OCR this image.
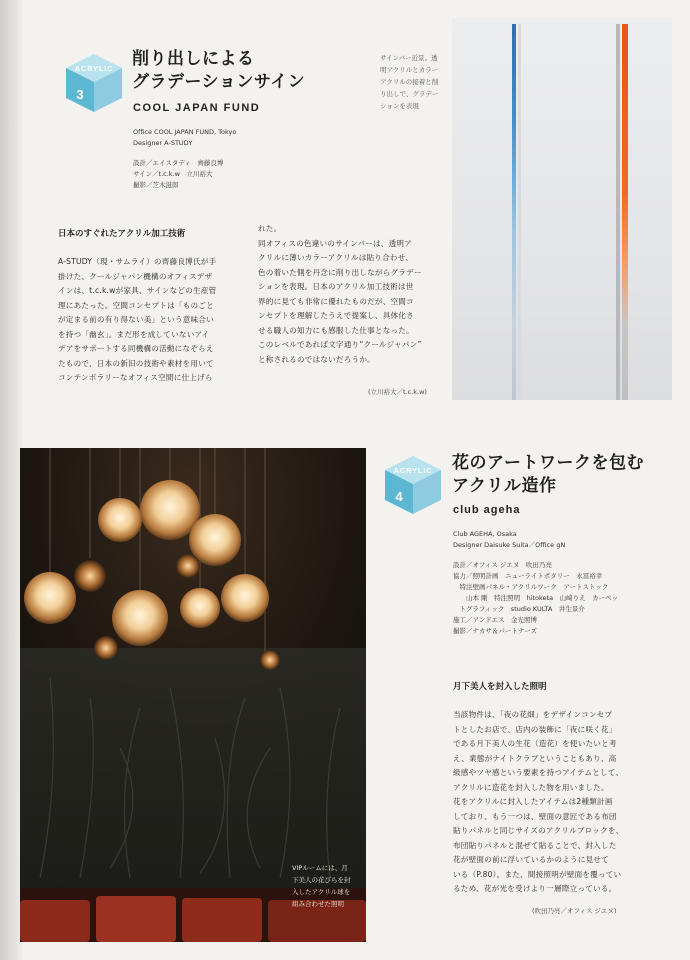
ACRYLIC
3
削り出しによる
グラデーションサイン
COOL JAPAN FUND
Office COOL JAPAN FUND, Tokyo
Designer A-STUDY
設計／エイスタディ　齊藤良博
サイン／t.c.k.w　立川裕大
撮影／芝木滋郎
サインバー近景。透
明アクリルとカラー
アクリルの接着と削
り出しで、グラデー
ションを表現
日本のすぐれたアクリル加工技術

A-STUDY（現・サムライ）の齊藤良博氏が手

掛けた、クールジャパン機構のオフィスデザ

インは、t.c.k.wが家具、サインなどの生産管

理にあたった。空間コンセプトは「ものごと

が定まる前の有り得ない美」という意味合い

を持つ「幽玄」。まだ形を成していないアイ

デアをサポートする同機構の活動になぞらえ

たもので、日本の新旧の技術や素材を用いて

コンテンポラリーなオフィス空間に仕上げら

れた。

同オフィスの色違いのサインバーは、透明ア

クリルに薄いカラーアクリルは貼り合わせ、

色の着いた側を丹念に削り出しながらグラデー

ションを表現。日本のアクリル加工技術は世

界的に見ても非常に優れたものだが、空間コ

ンセプトを理解したうえで提案し、具体化さ

せる職人の知力にも感服した仕事となった。

このレベルであれば文字通り“クールジャパン”

と称されるのではないだろうか。

(立川裕大／t.c.k.w)
VIPルームには、月
下美人の花びらを封
入したアクリル球を
組み合わせた照明
ACRYLIC
4
花のアートワークを包む
アクリル造作
club ageha
Club AGEHA, Osaka
Designer Daisuke Suita／Office gN
設計／オフィス ジエヌ　吹田乃亮
協力／照明計画　ニューライトポタリー　永冨裕幸
　特注壁画パネル・アクリルワーク　アートストック
　　山本 剛　特注照明　hitoketa　山﨑りえ　カーペッ
　トグラフィック　studio KULTA　井生景介
施工／アンドエス　金光照博
撮影／ナカサ＆パートナーズ
月下美人を封入した照明

当該物件は、「夜の花畑」をデザインコンセプ

トとしたお店で、店内の装飾に「夜に咲く花」

である月下美人の生花（造花）を使いたいと考

え、業態がナイトクラブということもあり、高

級感やツヤ感という要素を持つアイテムとして、

アクリルに造花を封入した物を用いました。

花をアクリルに封入したアイテムは2種類計画

しており、もう一つは、壁面の意匠である布団

貼りパネルと同じサイズのアクリルブロックを、

布団貼りパネルと混ぜて貼ることで、封入した

花が壁面の前に浮いているかのように見せて

いる（P.80）。また、間接照明が壁面を覆ってい

るため、花が光を受けより一層際立っている。

(吹田乃亮／オフィス ジエヌ)
